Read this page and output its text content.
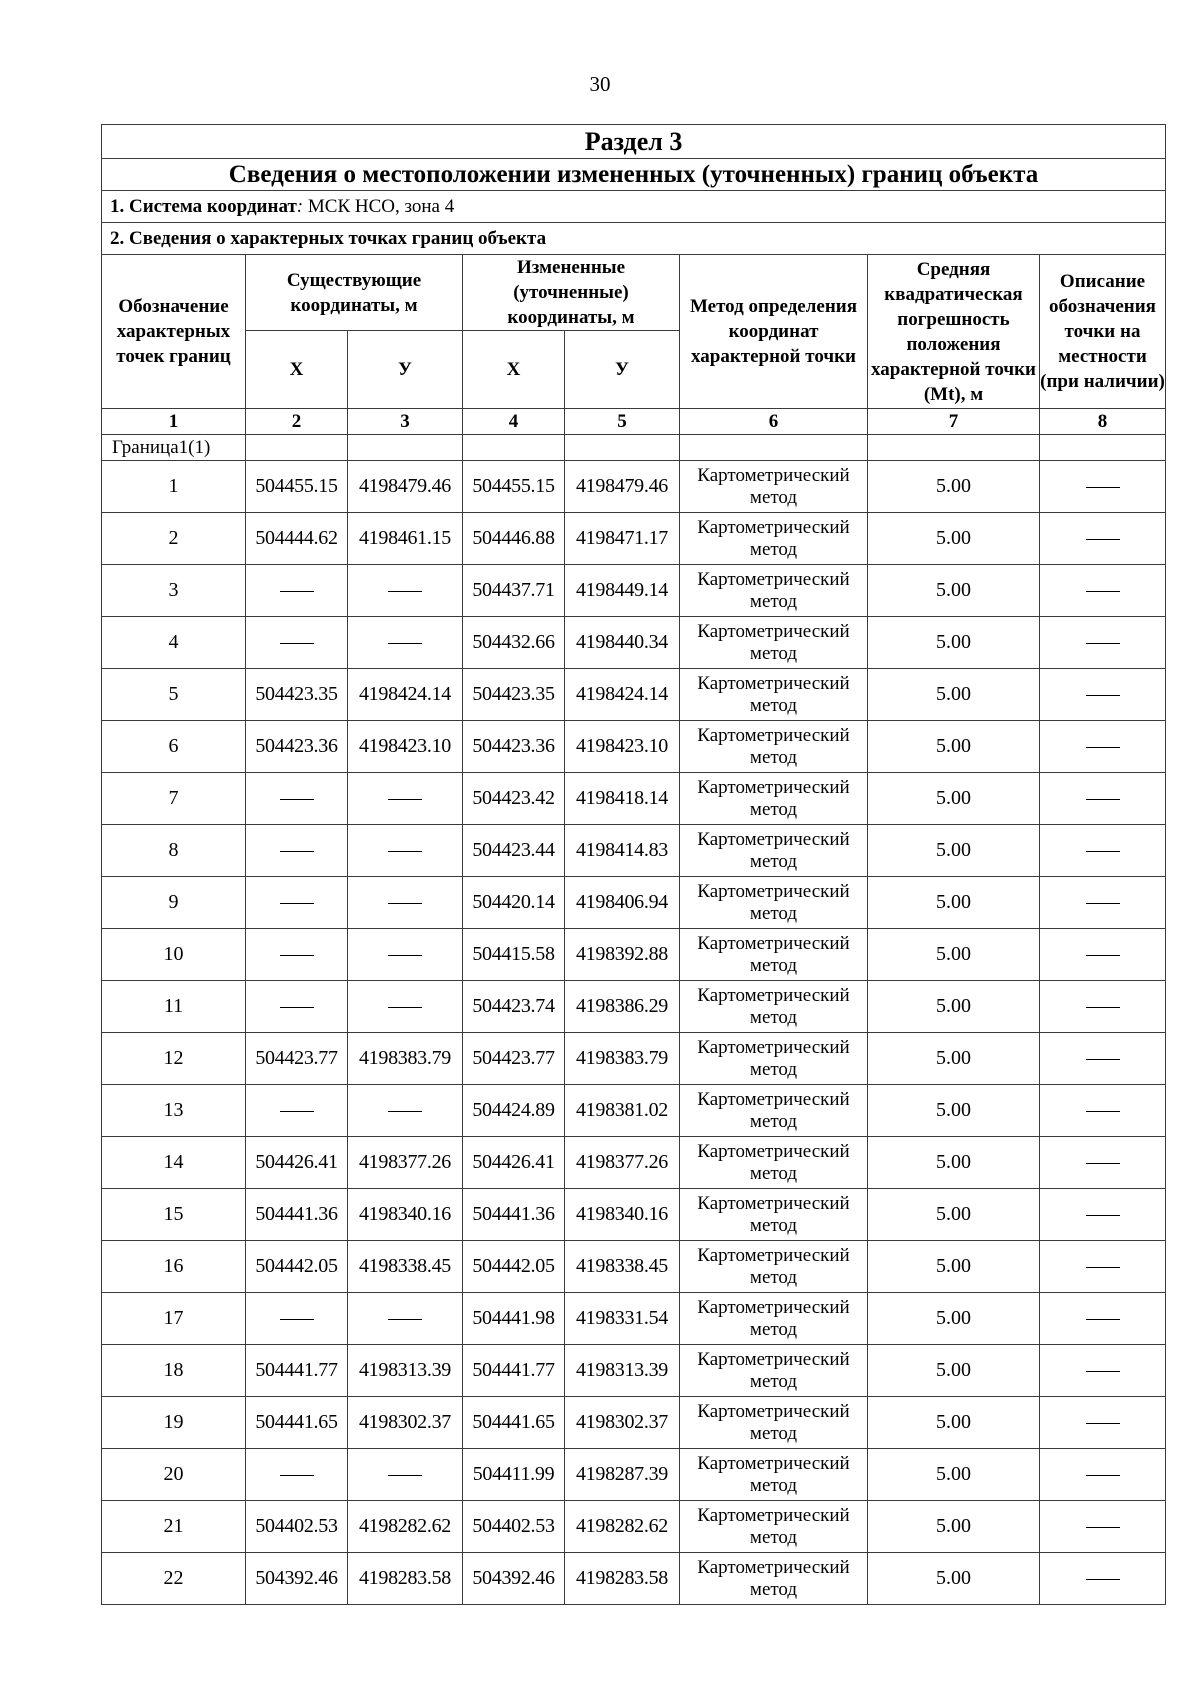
30
Раздел 3							
Сведения о местоположении измененных (уточненных) границ объекта							
1. Система координат: МСК НСО, зона 4							
2. Сведения о характерных точках границ объекта							
Обозначение характерных точек границ	Существующие координаты, м		Измененные (уточненные) координаты, м		Метод определения координат характерной точки	Средняя квадратическая погрешность положения характерной точки (Mt), м	Описание обозначения точки на местности (при наличии)
	Х	У	Х	У			
1	2	3	4	5	6	7	8
Граница1(1)							
1	504455.15	4198479.46	504455.15	4198479.46	Картометрический метод	5.00	
2	504444.62	4198461.15	504446.88	4198471.17	Картометрический метод	5.00	
3			504437.71	4198449.14	Картометрический метод	5.00	
4			504432.66	4198440.34	Картометрический метод	5.00	
5	504423.35	4198424.14	504423.35	4198424.14	Картометрический метод	5.00	
6	504423.36	4198423.10	504423.36	4198423.10	Картометрический метод	5.00	
7			504423.42	4198418.14	Картометрический метод	5.00	
8			504423.44	4198414.83	Картометрический метод	5.00	
9			504420.14	4198406.94	Картометрический метод	5.00	
10			504415.58	4198392.88	Картометрический метод	5.00	
11			504423.74	4198386.29	Картометрический метод	5.00	
12	504423.77	4198383.79	504423.77	4198383.79	Картометрический метод	5.00	
13			504424.89	4198381.02	Картометрический метод	5.00	
14	504426.41	4198377.26	504426.41	4198377.26	Картометрический метод	5.00	
15	504441.36	4198340.16	504441.36	4198340.16	Картометрический метод	5.00	
16	504442.05	4198338.45	504442.05	4198338.45	Картометрический метод	5.00	
17			504441.98	4198331.54	Картометрический метод	5.00	
18	504441.77	4198313.39	504441.77	4198313.39	Картометрический метод	5.00	
19	504441.65	4198302.37	504441.65	4198302.37	Картометрический метод	5.00	
20			504411.99	4198287.39	Картометрический метод	5.00	
21	504402.53	4198282.62	504402.53	4198282.62	Картометрический метод	5.00	
22	504392.46	4198283.58	504392.46	4198283.58	Картометрический метод	5.00	
